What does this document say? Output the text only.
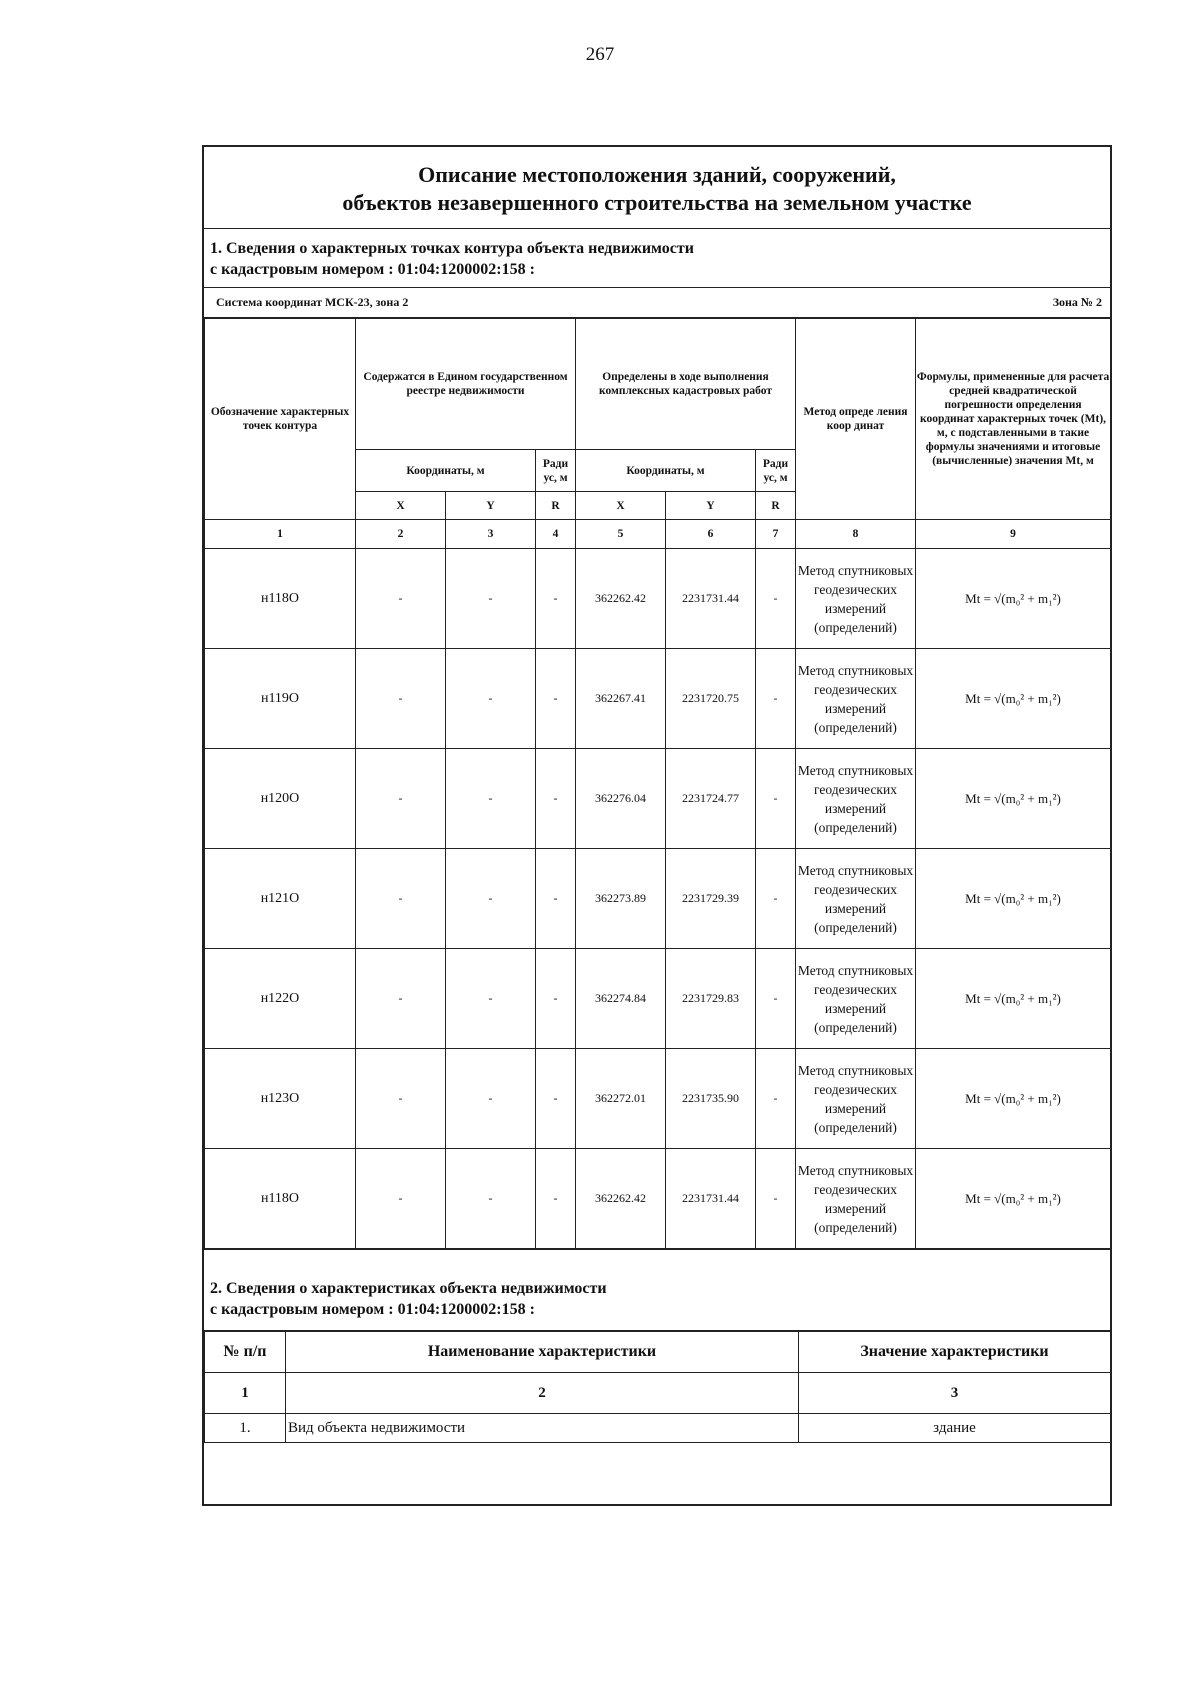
267
Описание местоположения зданий, сооружений,
объектов незавершенного строительства на земельном участке
1. Сведения о характерных точках контура объекта недвижимости
с кадастровым номером : 01:04:1200002:158 :
Система координат МСК-23, зона 2	Зона № 2
Обозначение характерных точек контура	Содержатся в Едином государственном реестре недвижимости			Определены в ходе выполнения комплексных кадастровых работ			Метод опреде ления коор динат	Формулы, примененные для расчета средней квадратической погрешности определения координат характерных точек (Mt), м, с подставленными в такие формулы значениями и итоговые (вычисленные) значения Mt, м
	Координаты, м		Ради ус, м	Координаты, м		Ради ус, м		
	X	Y	R	X	Y	R		
1	2	3	4	5	6	7	8	9
н118О	-	-	-	362262.42	2231731.44	-	Метод спутниковых геодезических измерений (определений)	Mt = √(m₀² + m₁²)
н119О	-	-	-	362267.41	2231720.75	-	Метод спутниковых геодезических измерений (определений)	Mt = √(m₀² + m₁²)
н120О	-	-	-	362276.04	2231724.77	-	Метод спутниковых геодезических измерений (определений)	Mt = √(m₀² + m₁²)
н121О	-	-	-	362273.89	2231729.39	-	Метод спутниковых геодезических измерений (определений)	Mt = √(m₀² + m₁²)
н122О	-	-	-	362274.84	2231729.83	-	Метод спутниковых геодезических измерений (определений)	Mt = √(m₀² + m₁²)
н123О	-	-	-	362272.01	2231735.90	-	Метод спутниковых геодезических измерений (определений)	Mt = √(m₀² + m₁²)
н118О	-	-	-	362262.42	2231731.44	-	Метод спутниковых геодезических измерений (определений)	Mt = √(m₀² + m₁²)
2. Сведения о характеристиках объекта недвижимости
с кадастровым номером : 01:04:1200002:158 :
№ п/п	Наименование характеристики	Значение характеристики
1	2	3
1.	Вид объекта недвижимости	здание
